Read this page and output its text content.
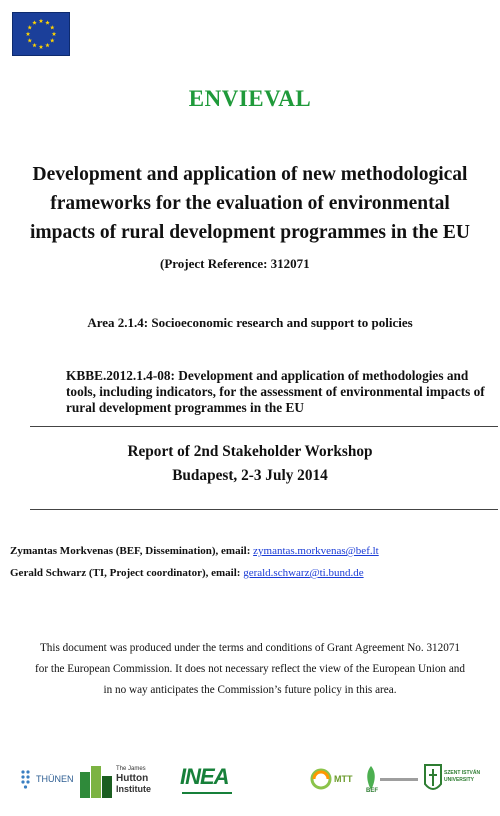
ENVIEVAL
Development and application of new methodological
frameworks for the evaluation of environmental
impacts of rural development programmes in the EU
(Project Reference: 312071
Area 2.1.4: Socioeconomic research and support to policies
KBBE.2012.1.4-08: Development and application of methodologies and
tools, including indicators, for the assessment of environmental impacts of
rural development programmes in the EU
Report of 2nd Stakeholder Workshop
Budapest, 2-3 July 2014
Zymantas Morkvenas (BEF, Dissemination), email: zymantas.morkvenas@bef.lt
Gerald Schwarz (TI, Project coordinator), email: gerald.schwarz@ti.bund.de
This document was produced under the terms and conditions of Grant Agreement No. 312071
for the European Commission. It does not necessary reflect the view of the European Union and
in no way anticipates the Commission’s future policy in this area.
THÜNEN
The James
Hutton
Institute INEA	MTT
BEF
SZENT ISTVÁN
UNIVERSITY
